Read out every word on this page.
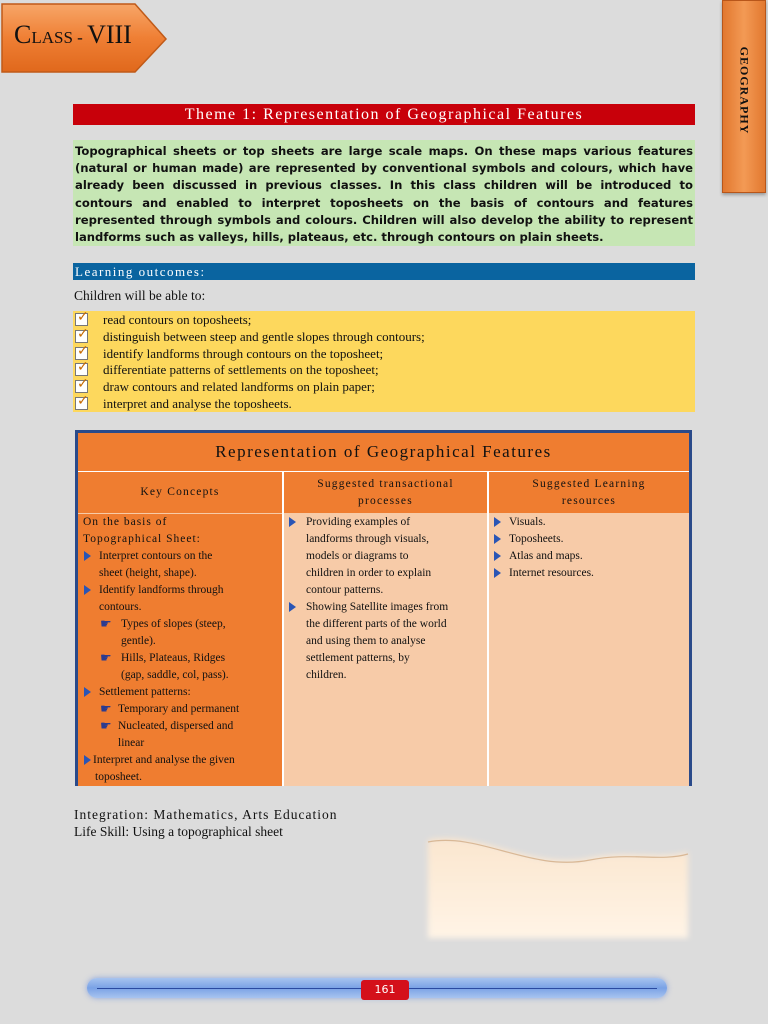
CLASS - VIII
GEOGRAPHY
Theme 1: Representation of Geographical Features
Topographical sheets or top sheets are large scale maps. On these maps various features (natural or human made) are represented by conventional symbols and colours, which have already been discussed in previous classes. In this class children will be introduced to contours and enabled to interpret toposheets on the basis of contours and features represented through symbols and colours. Children will also develop the ability to represent landforms such as valleys, hills, plateaus, etc. through contours on plain sheets.
Learning outcomes:
Children will be able to:
✓
read contours on toposheets;
✓
distinguish between steep and gentle slopes through contours;
✓
identify landforms through contours on the toposheet;
✓
differentiate patterns of settlements on the toposheet;
✓
draw contours and related landforms on plain paper;
✓
interpret and analyse the toposheets.
Representation of Geographical Features
Key Concepts
Suggested transactional
processes
Suggested Learning
resources
On the basis of
Topographical Sheet:
Interpret contours on the
sheet (height, shape).
Identify landforms through
contours.
☛ Types of slopes (steep,
gentle).
☛ Hills, Plateaus, Ridges
(gap, saddle, col, pass).
Settlement patterns:
☛ Temporary and permanent
☛ Nucleated, dispersed and
linear
Interpret and analyse the given
toposheet.
Providing examples of
landforms through visuals,
models or diagrams to
children in order to explain
contour patterns.
Showing Satellite images from
the different parts of the world
and using them to analyse
settlement patterns, by
children.
Visuals.
Toposheets.
Atlas and maps.
Internet resources.
Integration: Mathematics, Arts Education
Life Skill: Using a topographical sheet
161
